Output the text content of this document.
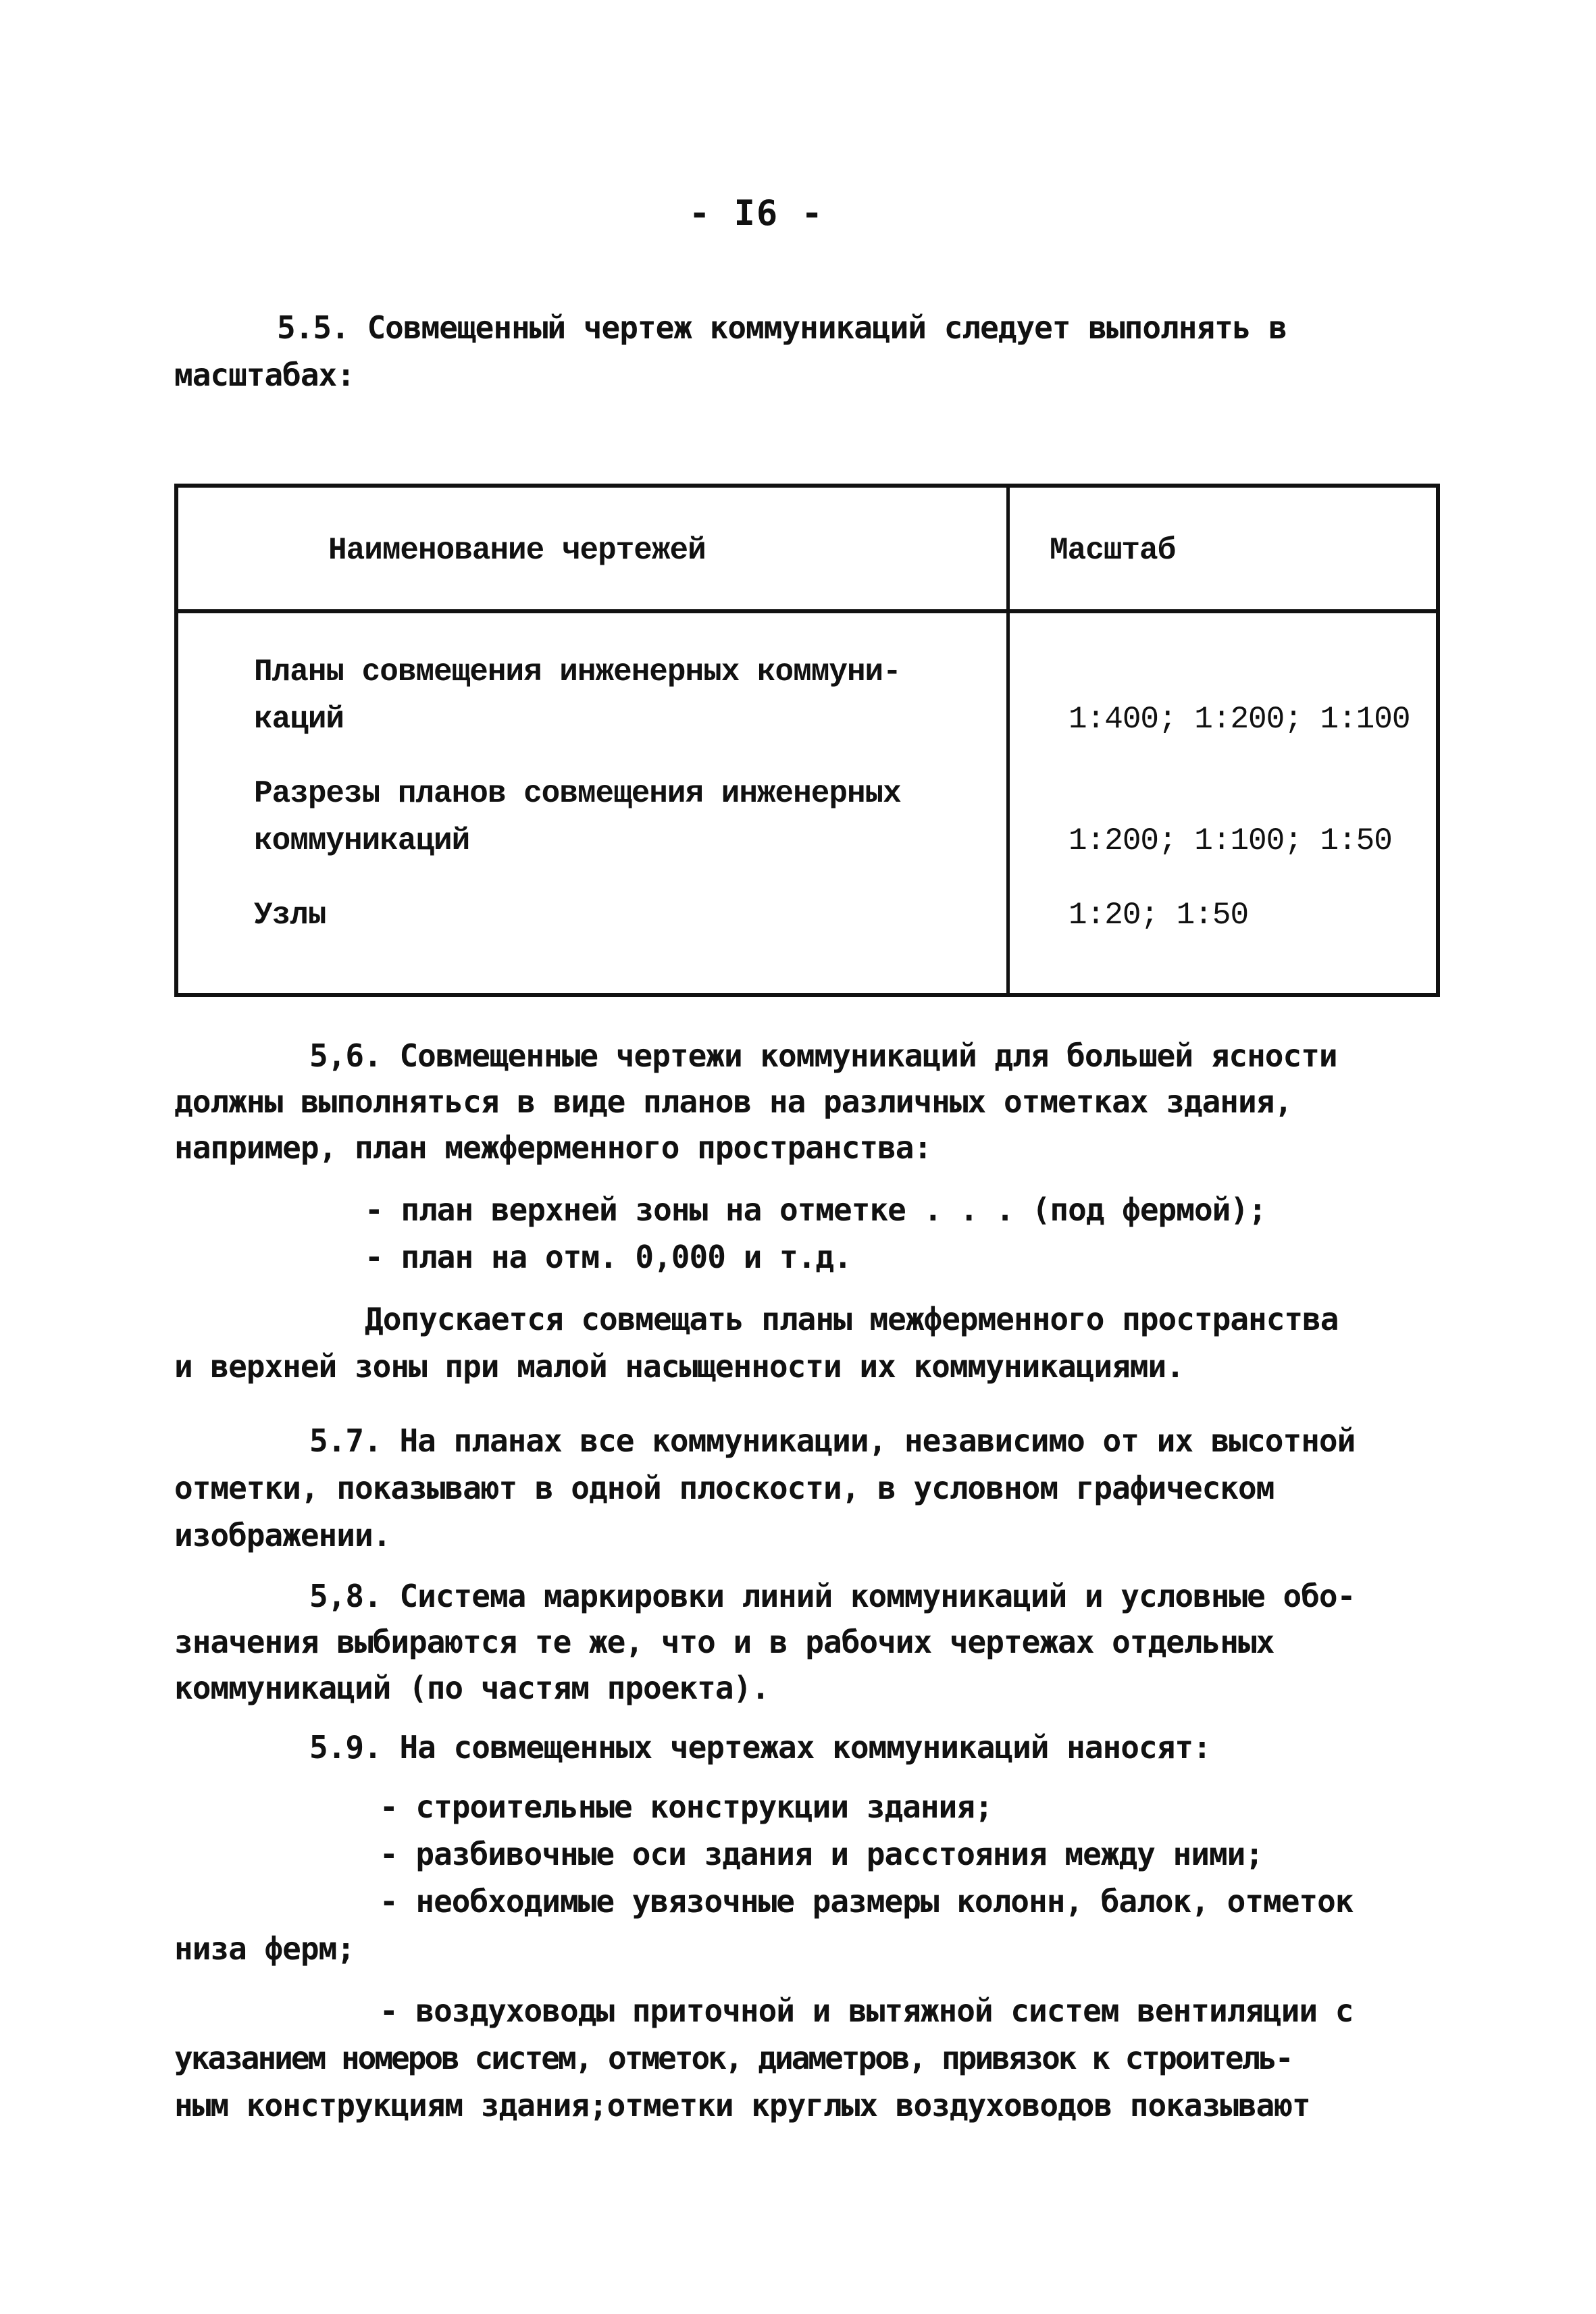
- I6 -
5.5. Совмещенный чертеж коммуникаций следует выполнять в
масштабах:
Наименование чертежей	Масштаб
Планы совмещения инженерных коммуни-
каций	1:400; 1:200; 1:100
Разрезы планов совмещения инженерных
коммуникаций	1:200; 1:100; 1:50
Узлы	1:20; 1:50
5,6. Совмещенные чертежи коммуникаций для большей ясности
должны выполняться в виде планов на различных отметках здания,
например, план межферменного пространства:
- план верхней зоны на отметке . . . (под фермой);
- план на отм. 0,000 и т.д.
Допускается совмещать планы межферменного пространства
и верхней зоны при малой насыщенности их коммуникациями.
5.7. На планах все коммуникации, независимо от их высотной
отметки, показывают в одной плоскости, в условном графическом
изображении.
5,8. Система маркировки линий коммуникаций и условные обо-
значения выбираются те же, что и в рабочих чертежах отдельных
коммуникаций (по частям проекта).
5.9. На совмещенных чертежах коммуникаций наносят:
- строительные конструкции здания;
- разбивочные оси здания и расстояния между ними;
- необходимые увязочные размеры колонн, балок, отметок
низа ферм;
- воздуховоды приточной и вытяжной систем вентиляции с
указанием номеров систем, отметок, диаметров, привязок к строитель-
ным конструкциям здания;отметки круглых воздуховодов показывают
